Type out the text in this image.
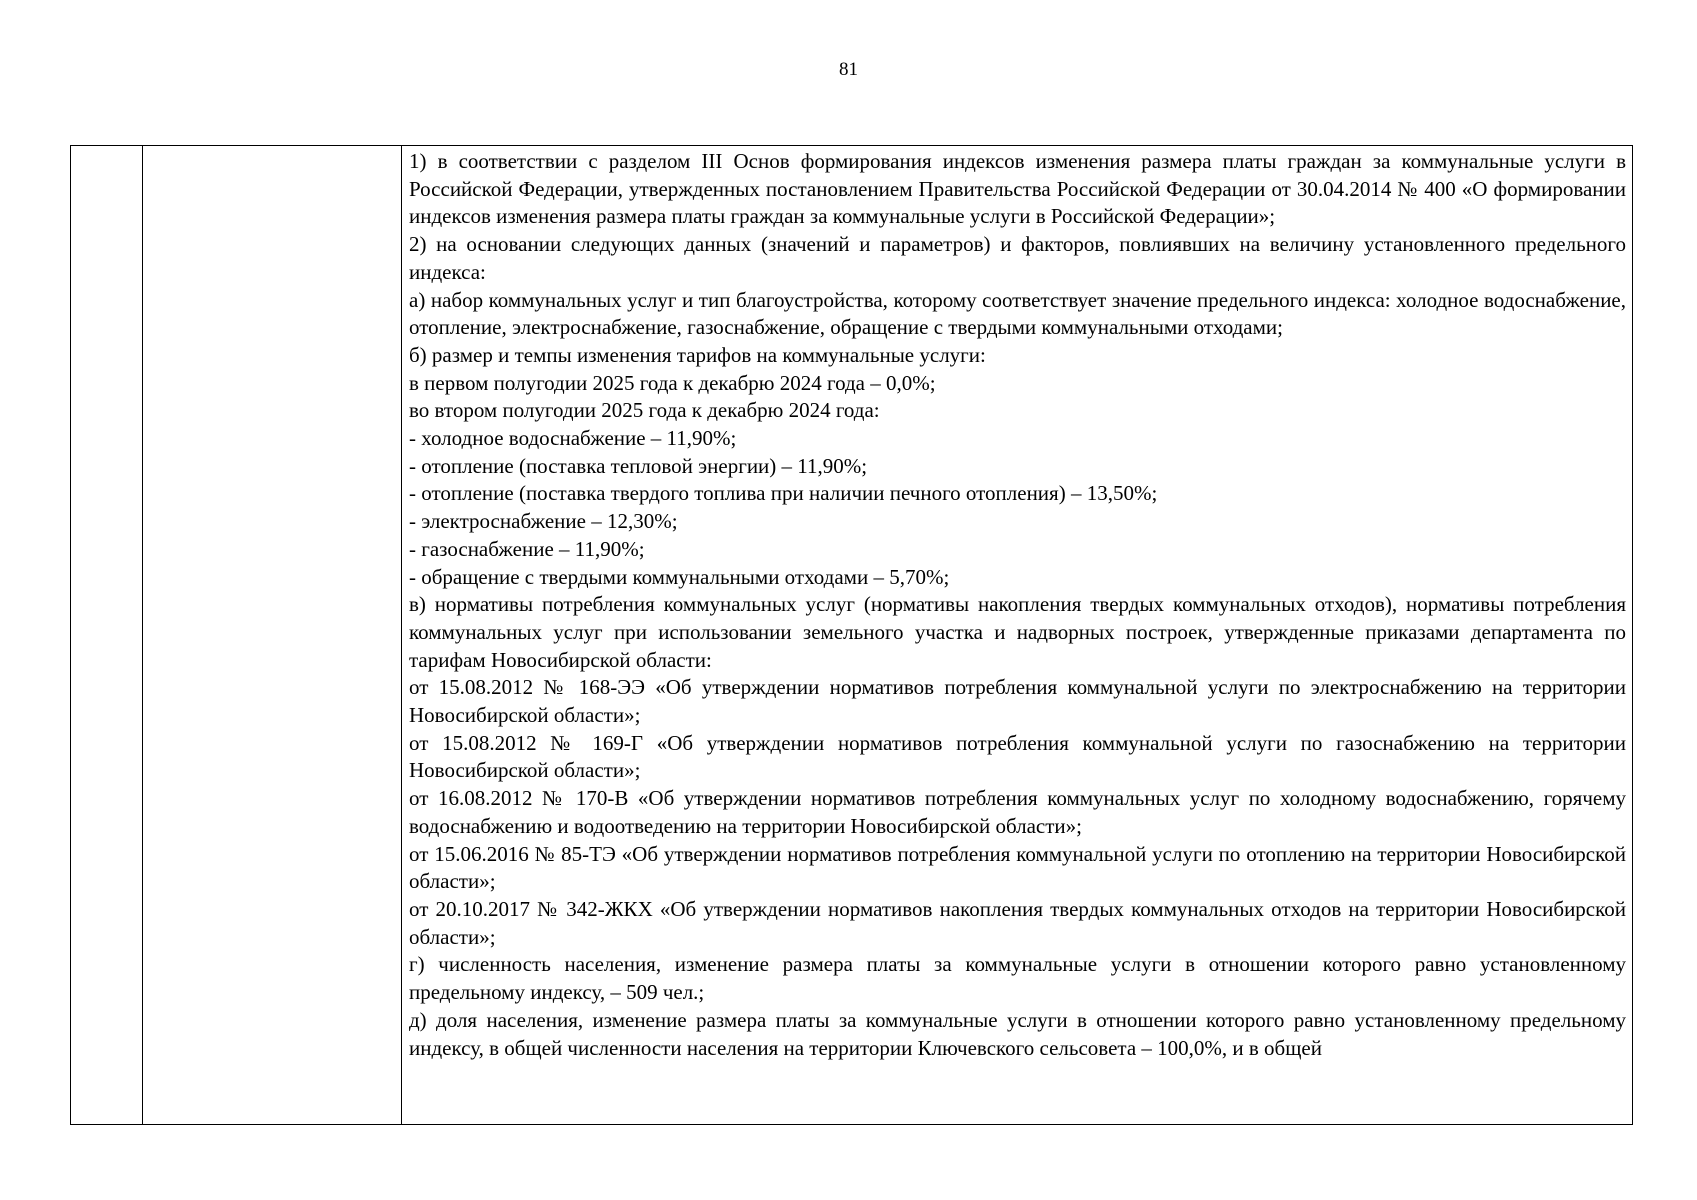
81

1) в соответствии с разделом III Основ формирования индексов изменения размера платы граждан за коммунальные услуги в Российской Федерации, утвержденных постановлением Правительства Российской Федерации от 30.04.2014 № 400 «О формировании индексов изменения размера платы граждан за коммунальные услуги в Российской Федерации»;

2) на основании следующих данных (значений и параметров) и факторов, повлиявших на величину установленного предельного индекса:

а) набор коммунальных услуг и тип благоустройства, которому соответствует значение предельного индекса: холодное водоснабжение, отопление, электроснабжение, газоснабжение, обращение с твердыми коммунальными отходами;

б) размер и темпы изменения тарифов на коммунальные услуги:

в первом полугодии 2025 года к декабрю 2024 года – 0,0%;

во втором полугодии 2025 года к декабрю 2024 года:

- холодное водоснабжение – 11,90%;

- отопление (поставка тепловой энергии) – 11,90%;

- отопление (поставка твердого топлива при наличии печного отопления) – 13,50%;

- электроснабжение – 12,30%;

- газоснабжение – 11,90%;

- обращение с твердыми коммунальными отходами – 5,70%;

в) нормативы потребления коммунальных услуг (нормативы накопления твердых коммунальных отходов), нормативы потребления коммунальных услуг при использовании земельного участка и надворных построек, утвержденные приказами департамента по тарифам Новосибирской области:

от 15.08.2012 № 168-ЭЭ «Об утверждении нормативов потребления коммунальной услуги по электроснабжению на территории Новосибирской области»;

от 15.08.2012 № 169-Г «Об утверждении нормативов потребления коммунальной услуги по газоснабжению на территории Новосибирской области»;

от 16.08.2012 № 170-В «Об утверждении нормативов потребления коммунальных услуг по холодному водоснабжению, горячему водоснабжению и водоотведению на территории Новосибирской области»;

от 15.06.2016 № 85-ТЭ «Об утверждении нормативов потребления коммунальной услуги по отоплению на территории Новосибирской области»;

от 20.10.2017 № 342-ЖКХ «Об утверждении нормативов накопления твердых коммунальных отходов на территории Новосибирской области»;

г) численность населения, изменение размера платы за коммунальные услуги в отношении которого равно установленному предельному индексу, – 509 чел.;

д) доля населения, изменение размера платы за коммунальные услуги в отношении которого равно установленному предельному индексу, в общей численности населения на территории Ключевского сельсовета – 100,0%, и в общей
